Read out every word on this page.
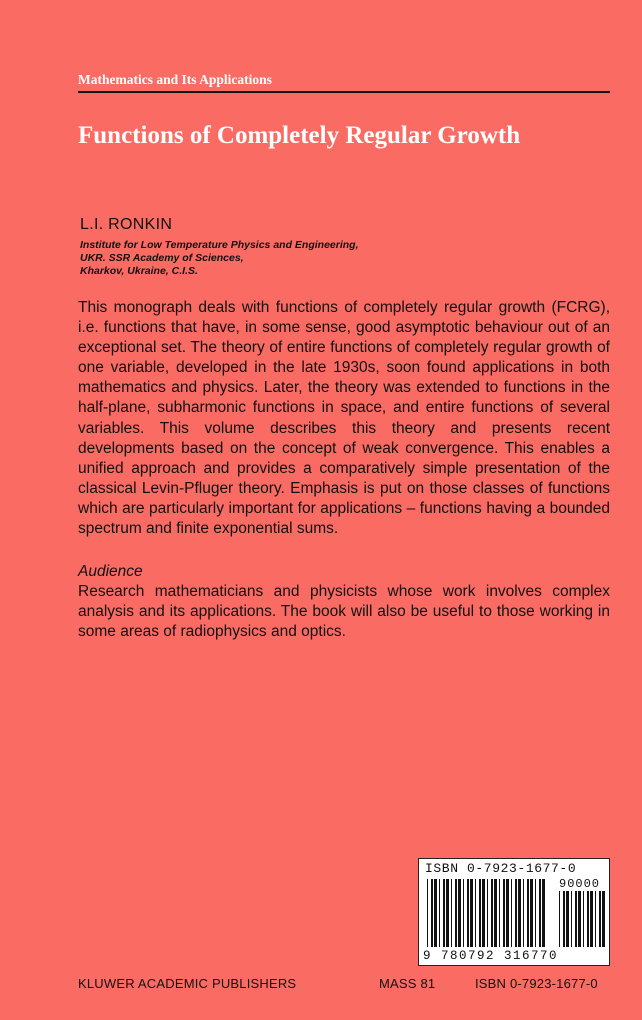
Mathematics and Its Applications
Functions of Completely Regular Growth
L.I. RONKIN
Institute for Low Temperature Physics and Engineering,
UKR. SSR Academy of Sciences,
Kharkov, Ukraine, C.I.S.

This monograph deals with functions of completely regular growth (FCRG), i.e. functions that have, in some sense, good asymptotic behaviour out of an exceptional set. The theory of entire functions of completely regular growth of one variable, developed in the late 1930s, soon found applications in both mathematics and physics. Later, the theory was extended to functions in the half-plane, subharmonic functions in space, and entire functions of several variables. This volume describes this theory and presents recent developments based on the concept of weak convergence. This enables a unified approach and provides a comparatively simple presentation of the classical Levin-Pfluger theory. Emphasis is put on those classes of functions which are particularly important for applications – functions having a bounded spectrum and finite exponential sums.

Audience

Research mathematicians and physicists whose work involves complex analysis and its applications. The book will also be useful to those working in some areas of radiophysics and optics.

ISBN 0-7923-1677-0
90000
9 780792 316770
KLUWER ACADEMIC PUBLISHERS	MASS 81	ISBN 0-7923-1677-0
